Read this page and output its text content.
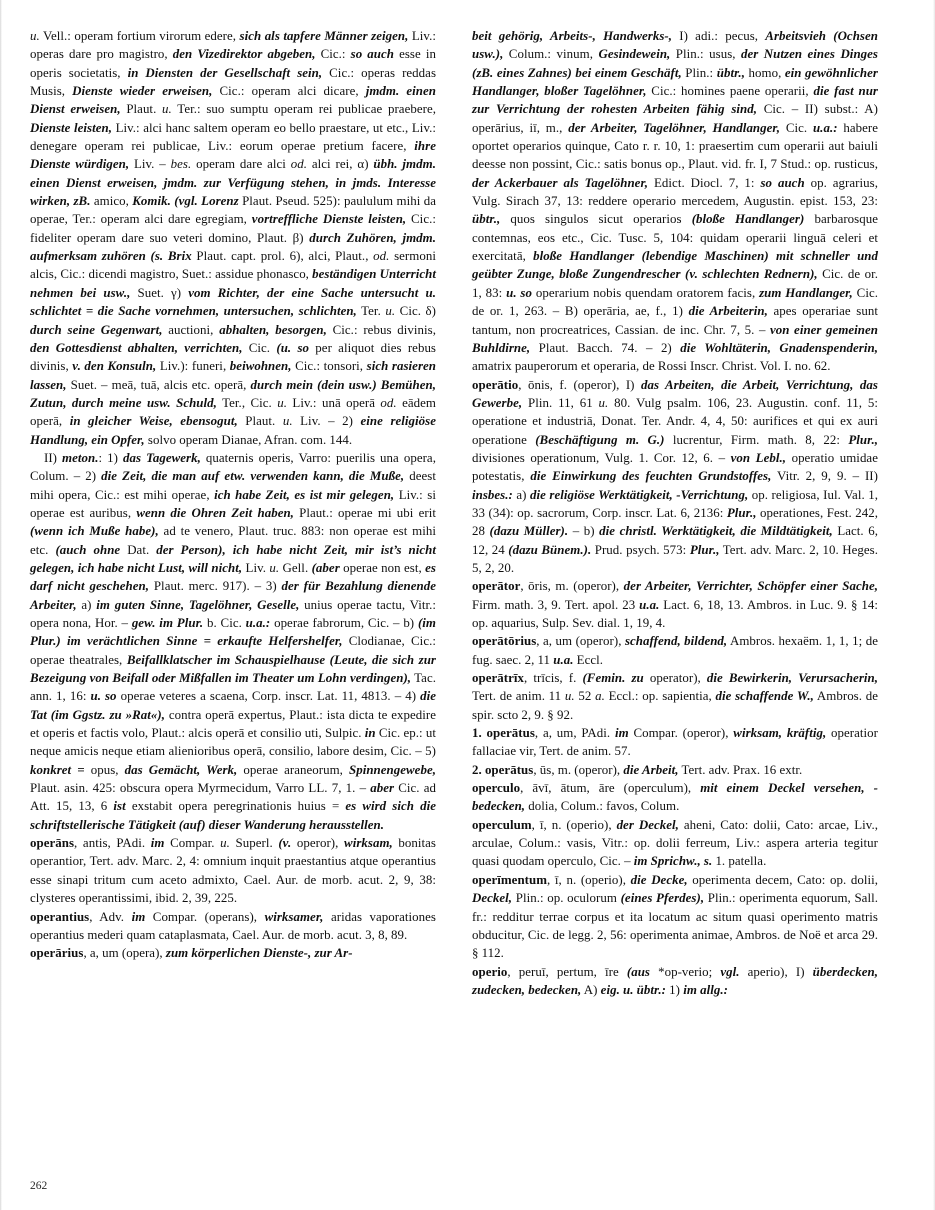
u. Vell.: operam fortium virorum edere, sich als tapfere Männer zeigen, Liv.: operas dare pro magistro, den Vizedirektor abgeben, Cic.: so auch esse in operis societatis, in Diensten der Gesellschaft sein, Cic.: operas reddas Musis, Dienste wieder erweisen, Cic.: operam alci dicare, jmdm. einen Dienst erweisen, Plaut. u. Ter.: suo sumptu operam rei publicae praebere, Dienste leisten, Liv.: alci hanc saltem operam eo bello praestare, ut etc., Liv.: denegare operam rei publicae, Liv.: eorum operae pretium facere, ihre Dienste würdigen, Liv. – bes. operam dare alci od. alci rei, α) übh. jmdm. einen Dienst erweisen, jmdm. zur Verfügung stehen, in jmds. Interesse wirken, zB. amico, Komik. (vgl. Lorenz Plaut. Pseud. 525): paululum mihi da operae, Ter.: operam alci dare egregiam, vortreffliche Dienste leisten, Cic.: fideliter operam dare suo veteri domino, Plaut. β) durch Zuhören, jmdm. aufmerksam zuhören (s. Brix Plaut. capt. prol. 6), alci, Plaut., od. sermoni alcis, Cic.: dicendi magistro, Suet.: assidue phonasco, beständigen Unterricht nehmen bei usw., Suet. γ) vom Richter, der eine Sache untersucht u. schlichtet = die Sache vornehmen, untersuchen, schlichten, Ter. u. Cic. δ) durch seine Gegenwart, auctioni, abhalten, besorgen, Cic.: rebus divinis, den Gottesdienst abhalten, verrichten, Cic. (u. so per aliquot dies rebus divinis, v. den Konsuln, Liv.): funeri, beiwohnen, Cic.: tonsori, sich rasieren lassen, Suet. – meā, tuā, alcis etc. operā, durch mein (dein usw.) Bemühen, Zutun, durch meine usw. Schuld, Ter., Cic. u. Liv.: unā operā od. eādem operā, in gleicher Weise, ebensogut, Plaut. u. Liv. – 2) eine religiöse Handlung, ein Opfer, solvo operam Dianae, Afran. com. 144.

II) meton.: 1) das Tagewerk, quaternis operis, Varro: puerilis una opera, Colum. – 2) die Zeit, die man auf etw. verwenden kann, die Muße, deest mihi opera, Cic.: est mihi operae, ich habe Zeit, es ist mir gelegen, Liv.: si operae est auribus, wenn die Ohren Zeit haben, Plaut.: operae mi ubi erit (wenn ich Muße habe), ad te venero, Plaut. truc. 883: non operae est mihi etc. (auch ohne Dat. der Person), ich habe nicht Zeit, mir ist’s nicht gelegen, ich habe nicht Lust, will nicht, Liv. u. Gell. (aber operae non est, es darf nicht geschehen, Plaut. merc. 917). – 3) der für Bezahlung dienende Arbeiter, a) im guten Sinne, Tagelöhner, Geselle, unius operae tactu, Vitr.: opera nona, Hor. – gew. im Plur. b. Cic. u.a.: operae fabrorum, Cic. – b) (im Plur.) im verächtlichen Sinne = erkaufte Helfershelfer, Clodianae, Cic.: operae theatrales, Beifallklatscher im Schauspielhause (Leute, die sich zur Bezeigung von Beifall oder Mißfallen im Theater um Lohn verdingen), Tac. ann. 1, 16: u. so operae veteres a scaena, Corp. inscr. Lat. 11, 4813. – 4) die Tat (im Ggstz. zu »Rat«), contra operā expertus, Plaut.: ista dicta te expedire et operis et factis volo, Plaut.: alcis operā et consilio uti, Sulpic. in Cic. ep.: ut neque amicis neque etiam alienioribus operā, consilio, labore desim, Cic. – 5) konkret = opus, das Gemächt, Werk, operae araneorum, Spinnengewebe, Plaut. asin. 425: obscura opera Myrmecidum, Varro LL. 7, 1. – aber Cic. ad Att. 15, 13, 6 ist exstabit opera peregrinationis huius = es wird sich die schriftstellerische Tätigkeit (auf) dieser Wanderung herausstellen.

operāns, antis, PAdi. im Compar. u. Superl. (v. operor), wirksam, bonitas operantior, Tert. adv. Marc. 2, 4: omnium inquit praestantius atque operantius esse sinapi tritum cum aceto admixto, Cael. Aur. de morb. acut. 2, 9, 38: clysteres operantissimi, ibid. 2, 39, 225.

operantius, Adv. im Compar. (operans), wirksamer, aridas vaporationes operantius mederi quam cataplasmata, Cael. Aur. de morb. acut. 3, 8, 89.

operārius, a, um (opera), zum körperlichen Dienste-, zur Ar-

beit gehörig, Arbeits-, Handwerks-, I) adi.: pecus, Arbeitsvieh (Ochsen usw.), Colum.: vinum, Gesindewein, Plin.: usus, der Nutzen eines Dinges (zB. eines Zahnes) bei einem Geschäft, Plin.: übtr., homo, ein gewöhnlicher Handlanger, bloßer Tagelöhner, Cic.: homines paene operarii, die fast nur zur Verrichtung der rohesten Arbeiten fähig sind, Cic. – II) subst.: A) operārius, iī, m., der Arbeiter, Tagelöhner, Handlanger, Cic. u.a.: habere oportet operarios quinque, Cato r. r. 10, 1: praesertim cum operarii aut baiuli deesse non possint, Cic.: satis bonus op., Plaut. vid. fr. I, 7 Stud.: op. rusticus, der Ackerbauer als Tagelöhner, Edict. Diocl. 7, 1: so auch op. agrarius, Vulg. Sirach 37, 13: reddere operario mercedem, Augustin. epist. 153, 23: übtr., quos singulos sicut operarios (bloße Handlanger) barbarosque contemnas, eos etc., Cic. Tusc. 5, 104: quidam operarii linguā celeri et exercitatā, bloße Handlanger (lebendige Maschinen) mit schneller und geübter Zunge, bloße Zungendrescher (v. schlechten Rednern), Cic. de or. 1, 83: u. so operarium nobis quendam oratorem facis, zum Handlanger, Cic. de or. 1, 263. – B) operāria, ae, f., 1) die Arbeiterin, apes operariae sunt tantum, non procreatrices, Cassian. de inc. Chr. 7, 5. – von einer gemeinen Buhldirne, Plaut. Bacch. 74. – 2) die Wohltäterin, Gnadenspenderin, amatrix pauperorum et operaria, de Rossi Inscr. Christ. Vol. I. no. 62.

operātio, ōnis, f. (operor), I) das Arbeiten, die Arbeit, Verrichtung, das Gewerbe, Plin. 11, 61 u. 80. Vulg psalm. 106, 23. Augustin. conf. 11, 5: operatione et industriā, Donat. Ter. Andr. 4, 4, 50: aurifices et qui ex auri operatione (Beschäftigung m. G.) lucrentur, Firm. math. 8, 22: Plur., divisiones operationum, Vulg. 1. Cor. 12, 6. – von Lebl., operatio umidae potestatis, die Einwirkung des feuchten Grundstoffes, Vitr. 2, 9, 9. – II) insbes.: a) die religiöse Werktätigkeit, -Verrichtung, op. religiosa, Iul. Val. 1, 33 (34): op. sacrorum, Corp. inscr. Lat. 6, 2136: Plur., operationes, Fest. 242, 28 (dazu Müller). – b) die christl. Werktätigkeit, die Mildtätigkeit, Lact. 6, 12, 24 (dazu Bünem.). Prud. psych. 573: Plur., Tert. adv. Marc. 2, 10. Heges. 5, 2, 20.

operātor, ōris, m. (operor), der Arbeiter, Verrichter, Schöpfer einer Sache, Firm. math. 3, 9. Tert. apol. 23 u.a. Lact. 6, 18, 13. Ambros. in Luc. 9. § 14: op. aquarius, Sulp. Sev. dial. 1, 19, 4.

operātōrius, a, um (operor), schaffend, bildend, Ambros. hexaëm. 1, 1, 1; de fug. saec. 2, 11 u.a. Eccl.

operātrīx, trīcis, f. (Femin. zu operator), die Bewirkerin, Verursacherin, Tert. de anim. 11 u. 52 a. Eccl.: op. sapientia, die schaffende W., Ambros. de spir. scto 2, 9. § 92.

1. operātus, a, um, PAdi. im Compar. (operor), wirksam, kräftig, operatior fallaciae vir, Tert. de anim. 57.

2. operātus, ūs, m. (operor), die Arbeit, Tert. adv. Prax. 16 extr.

operculo, āvī, ātum, āre (operculum), mit einem Deckel versehen, -bedecken, dolia, Colum.: favos, Colum.

operculum, ī, n. (operio), der Deckel, aheni, Cato: dolii, Cato: arcae, Liv., arculae, Colum.: vasis, Vitr.: op. dolii ferreum, Liv.: aspera arteria tegitur quasi quodam operculo, Cic. – im Sprichw., s. 1. patella.

operīmentum, ī, n. (operio), die Decke, operimenta decem, Cato: op. dolii, Deckel, Plin.: op. oculorum (eines Pferdes), Plin.: operimenta equorum, Sall. fr.: redditur terrae corpus et ita locatum ac situm quasi operimento matris obducitur, Cic. de legg. 2, 56: operimenta animae, Ambros. de Noë et arca 29. § 112.

operio, peruī, pertum, īre (aus *op-verio; vgl. aperio), I) überdecken, zudecken, bedecken, A) eig. u. übtr.: 1) im allg.:

262
